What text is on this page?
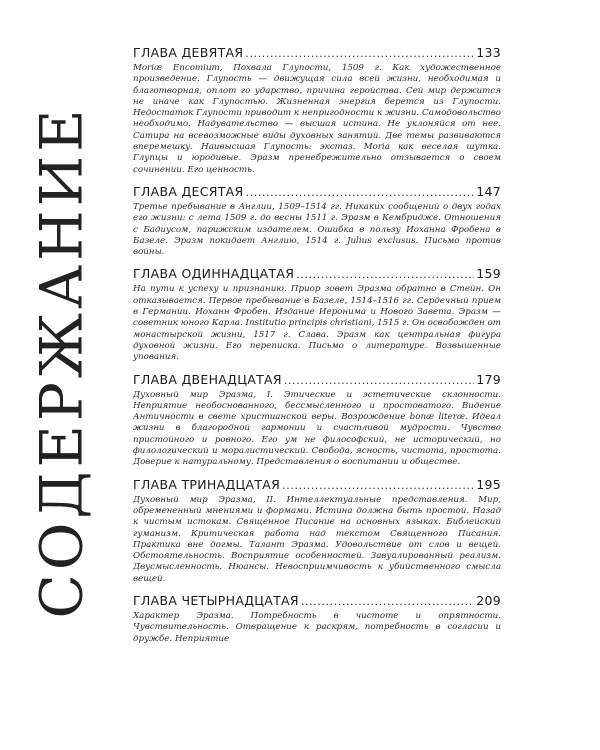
СОДЕРЖАНИЕ
ГЛАВА ДЕВЯТАЯ .....	133

Moriæ Encomium, Похвала Глупости, 1509 г. Как художественное произведение. Глупость — движущая сила всей жизни, необходимая и благотворная, оплот го ударство, причина геройства. Сей мир держится не иначе как Глупостью. Жизненная энергия берется из Глупости. Недостаток Глупости приводит к непригодности к жизни. Самодовольство необходимо. Надувательство — высшая истина. Не уклоняйся от нее. Сатира на всевозможные виды духовных занятий. Две темы развиваются вперемешку. Наивысшая Глупость: экстаз. Moria как веселая шутка. Глупцы и юродивые. Эразм пренебрежительно отзывается о своем сочинении. Его ценность.

ГЛАВА ДЕСЯТАЯ .....	147

Третье пребывание в Англии, 1509–1514 гг. Никаких сообщений о двух годах его жизни: с лета 1509 г. до весны 1511 г. Эразм в Кембридже. Отношения с Бадиусом, парижским издателем. Ошибка в пользу Иоханна Фробена в Базеле. Эразм покидает Англию, 1514 г. Julius exclusus. Письмо против войны.

ГЛАВА ОДИННАДЦАТАЯ .....	159

На пути к успеху и признанию. Приор зовет Эразма обратно в Стейн. Он отказывается. Первое пребывание в Базеле, 1514–1516 гг. Сердечный прием в Германии. Иоханн Фробен. Издание Иеронима и Нового Завета. Эразм — советник юного Карла. Institutio principis christiani, 1515 г. Он освобожден от монастырской жизни, 1517 г. Слава. Эразм как центральная фигура духовной жизни. Его переписка. Письмо о литературе. Возвышенные упования.

ГЛАВА ДВЕНАДЦАТАЯ .....	179

Духовный мир Эразма, I. Этические и эстетические склонности. Неприятие необоснованного, бессмысленного и простоватого. Видение Античности в свете христианской веры. Возрождение bonæ literæ. Идеал жизни в благородной гармонии и счастливой мудрости. Чувство пристойного и ровного. Его ум не философский, не исторический, но филологический и моралистический. Свобода, ясность, чистота, простота. Доверие к натуральному. Представления о воспитании и обществе.

ГЛАВА ТРИНАДЦАТАЯ .....	195

Духовный мир Эразма, II. Интеллектуальные представления. Мир, обремененный мнениями и формами. Истина должна быть простой. Назад к чистым истокам. Священное Писание на основных языках. Библейский гуманизм. Критическая работа над текстом Священного Писания. Практика вне догмы. Талант Эразма. Удовольствие от слов и вещей. Обстоятельность. Восприятие особенностей. Завуалированный реализм. Двусмысленность. Нюансы. Невосприимчивость к убийственного смысла вещей.

ГЛАВА ЧЕТЫРНАДЦАТАЯ .....	209

Характер Эразма. Потребность в чистоте и опрятности. Чувствительность. Отвращение к раскрям, потребность в согласии и дружбе. Неприятие
